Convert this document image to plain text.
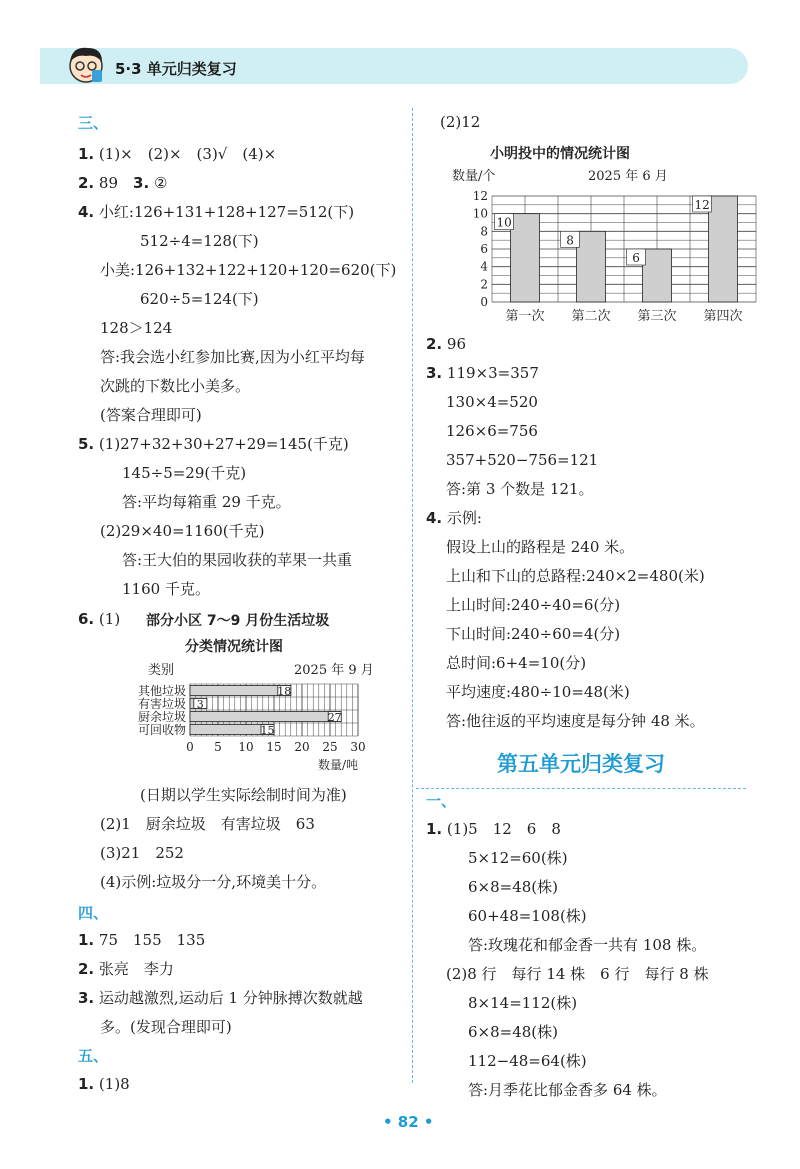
5·3 单元归类复习
三、
1. (1)×　(2)×　(3)√　(4)×
2. 89　 3. ②
4. 小红:126+131+128+127=512(下)
512÷4=128(下)
小美:126+132+122+120+120=620(下)
620÷5=124(下)
128＞124
答:我会选小红参加比赛,因为小红平均每
次跳的下数比小美多。
(答案合理即可)
5. (1)27+32+30+27+29=145(千克)
145÷5=29(千克)
答:平均每箱重 29 千克。
(2)29×40=1160(千克)
答:王大伯的果园收获的苹果一共重
1160 千克。
6. (1) 部分小区 7～9 月份生活垃圾
分类情况统计图
类别	2025 年 9 月
0 5 10 15 20 25 30
其他垃圾	18
有害垃圾 3
厨余垃圾	27
可回收物	15
数量/吨
(日期以学生实际绘制时间为准)
(2)1　厨余垃圾　有害垃圾　63
(3)21　252
(4)示例:垃圾分一分,环境美十分。
四、
1. 75　155　135
2. 张亮　李力
3. 运动越激烈,运动后 1 分钟脉搏次数就越
多。(发现合理即可)
五、
1. (1)8
(2)12
小明投中的情况统计图
数量/个	2025 年 6 月
0
2
4
6
8
10
12
10
第一次
8
第二次
6
第三次
12
第四次
2. 96
3. 119×3=357
130×4=520
126×6=756
357+520−756=121
答:第 3 个数是 121。
4. 示例:
假设上山的路程是 240 米。
上山和下山的总路程:240×2=480(米)
上山时间:240÷40=6(分)
下山时间:240÷60=4(分)
总时间:6+4=10(分)
平均速度:480÷10=48(米)
答:他往返的平均速度是每分钟 48 米。
第五单元归类复习
一、
1. (1)5　12　6　8
5×12=60(株)
6×8=48(株)
60+48=108(株)
答:玫瑰花和郁金香一共有 108 株。
(2)8 行　每行 14 株　6 行　每行 8 株
8×14=112(株)
6×8=48(株)
112−48=64(株)
答:月季花比郁金香多 64 株。
• 82 •
